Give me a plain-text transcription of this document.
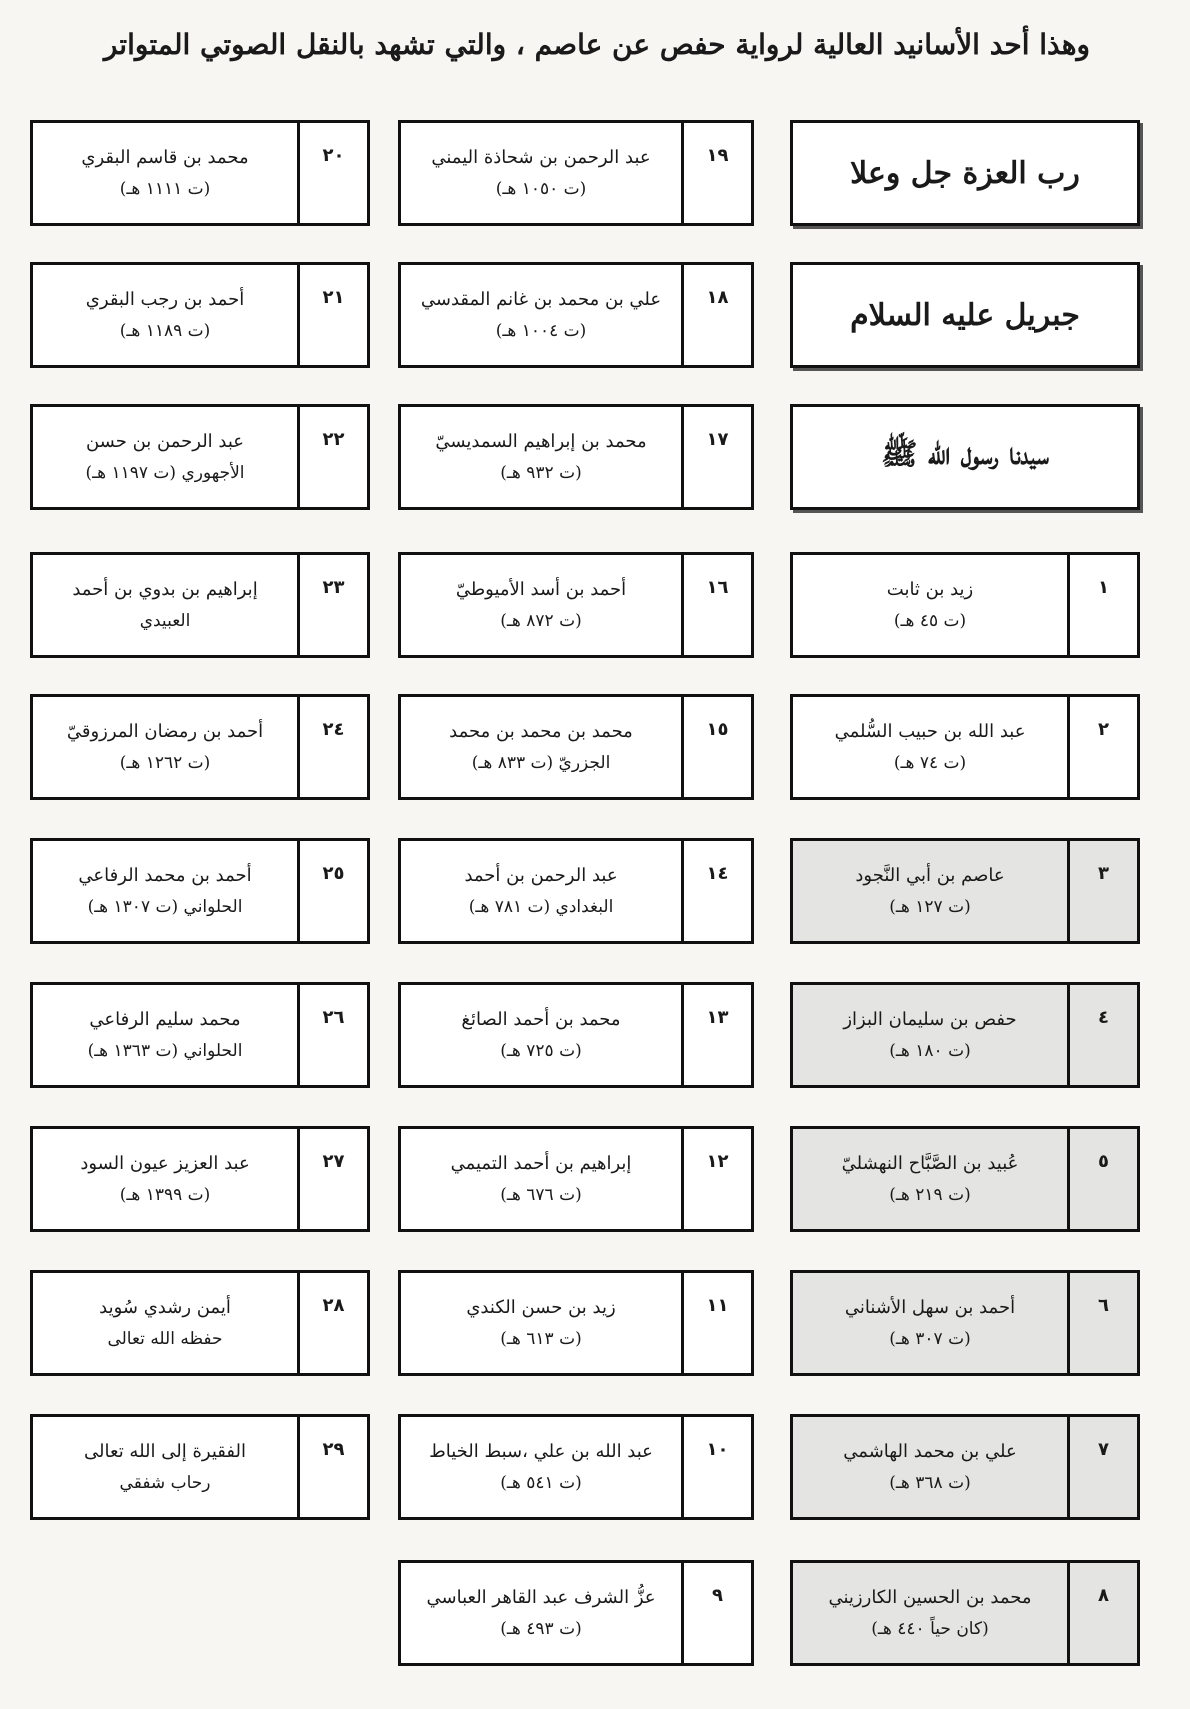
وهذا أحد الأسانيد العالية لرواية حفص عن عاصم ، والتي تشهد بالنقل الصوتي المتواتر
رب العزة جل وعلا
جبريل عليه السلام
سيدنا رسول الله ﷺ
١
زيد بن ثابت
(ت ٤٥ هـ)
٢
عبد الله بن حبيب السُّلمي
(ت ٧٤ هـ)
٣
عاصم بن أبي النَّجود
(ت ١٢٧ هـ)
٤
حفص بن سليمان البزاز
(ت ١٨٠ هـ)
٥
عُبيد بن الصَّبَّاح النهشليّ
(ت ٢١٩ هـ)
٦
أحمد بن سهل الأشناني
(ت ٣٠٧ هـ)
٧
علي بن محمد الهاشمي
(ت ٣٦٨ هـ)
٨
محمد بن الحسين الكارزيني
(كان حياً ٤٤٠ هـ)
١٩
عبد الرحمن بن شحاذة اليمني
(ت ١٠٥٠ هـ)
١٨
علي بن محمد بن غانم المقدسي
(ت ١٠٠٤ هـ)
١٧
محمد بن إبراهيم السمديسيّ
(ت ٩٣٢ هـ)
١٦
أحمد بن أسد الأميوطيّ
(ت ٨٧٢ هـ)
١٥
محمد بن محمد بن محمد
الجزريّ (ت ٨٣٣ هـ)
١٤
عبد الرحمن بن أحمد
البغدادي (ت ٧٨١ هـ)
١٣
محمد بن أحمد الصائغ
(ت ٧٢٥ هـ)
١٢
إبراهيم بن أحمد التميمي
(ت ٦٧٦ هـ)
١١
زيد بن حسن الكندي
(ت ٦١٣ هـ)
١٠
عبد الله بن علي ،سبط الخياط
(ت ٥٤١ هـ)
٩
عزُّ الشرف عبد القاهر العباسي
(ت ٤٩٣ هـ)
٢٠
محمد بن قاسم البقري
(ت ١١١١ هـ)
٢١
أحمد بن رجب البقري
(ت ١١٨٩ هـ)
٢٢
عبد الرحمن بن حسن
الأجهوري (ت ١١٩٧ هـ)
٢٣
إبراهيم بن بدوي بن أحمد
العبيدي
٢٤
أحمد بن رمضان المرزوقيّ
(ت ١٢٦٢ هـ)
٢٥
أحمد بن محمد الرفاعي
الحلواني (ت ١٣٠٧ هـ)
٢٦
محمد سليم الرفاعي
الحلواني (ت ١٣٦٣ هـ)
٢٧
عبد العزيز عيون السود
(ت ١٣٩٩ هـ)
٢٨
أيمن رشدي سُويد
حفظه الله تعالى
٢٩
الفقيرة إلى الله تعالى
رحاب شفقي
